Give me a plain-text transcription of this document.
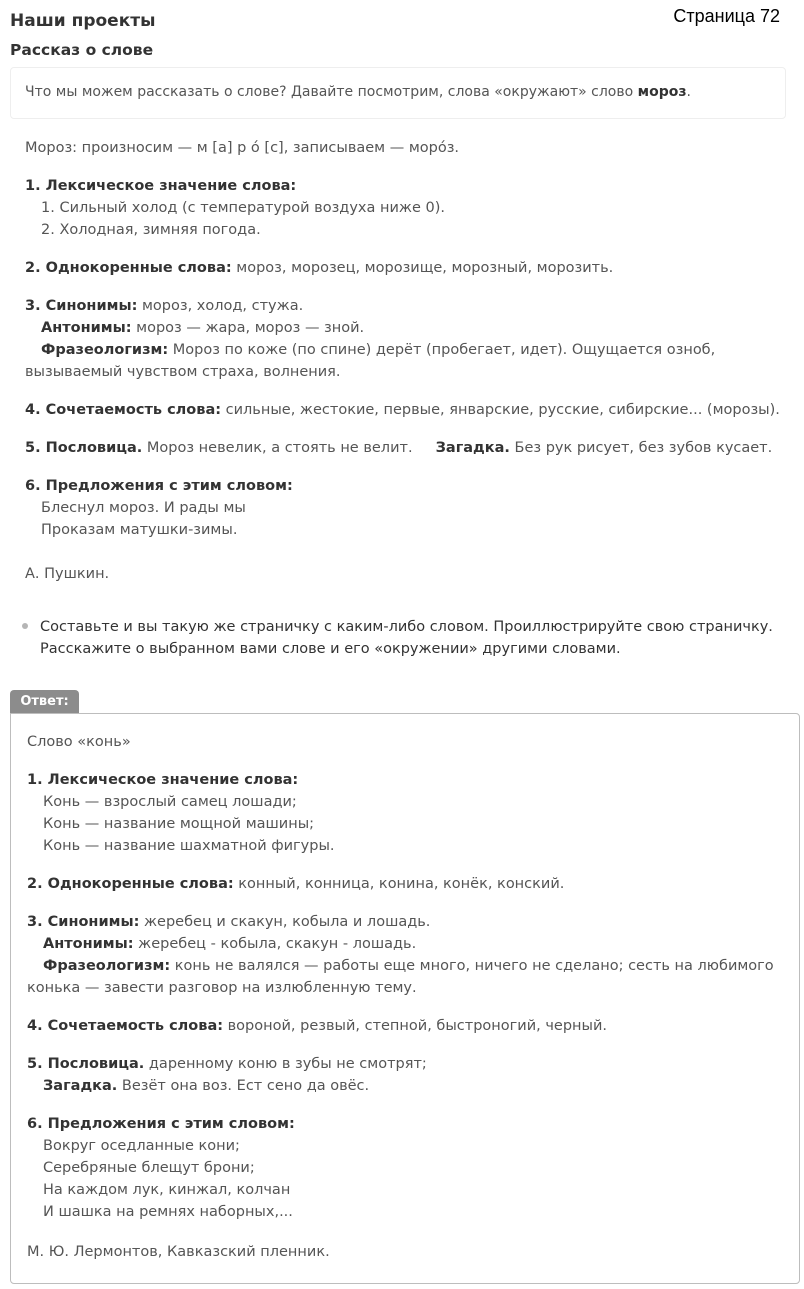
Страница 72
Наши проекты
Рассказ о слове
Что мы можем рассказать о слове? Давайте посмотрим, слова «окружают» слово мороз.

Мороз: произносим — м [а] р о́ [с], записываем — моро́з.

1. Лексическое значение слова:

1. Сильный холод (с температурой воздуха ниже 0).

2. Холодная, зимняя погода.

2. Однокоренные слова: мороз, морозец, морозище, морозный, морозить.

3. Синонимы: мороз, холод, стужа.

Антонимы: мороз — жара, мороз — зной.

Фразеологизм: Мороз по коже (по спине) дерёт (пробегает, идет). Ощущается озноб,

вызываемый чувством страха, волнения.

4. Сочетаемость слова: сильные, жестокие, первые, январские, русские, сибирские... (морозы).

5. Пословица. Мороз невелик, а стоять не велит. Загадка. Без рук рисует, без зубов кусает.

6. Предложения с этим словом:

Блеснул мороз. И рады мы

Проказам матушки-зимы.

А. Пушкин.

Составьте и вы такую же страничку с каким-либо словом. Проиллюстрируйте свою страничку.

Расскажите о выбранном вами слове и его «окружении» другими словами.

Ответ:

Слово «конь»

1. Лексическое значение слова:

Конь — взрослый самец лошади;

Конь — название мощной машины;

Конь — название шахматной фигуры.

2. Однокоренные слова: конный, конница, конина, конёк, конский.

3. Синонимы: жеребец и скакун, кобыла и лошадь.

Антонимы: жеребец - кобыла, скакун - лошадь.

Фразеологизм: конь не валялся — работы еще много, ничего не сделано; сесть на любимого

конька — завести разговор на излюбленную тему.

4. Сочетаемость слова: вороной, резвый, степной, быстроногий, черный.

5. Пословица. даренному коню в зубы не смотрят;

Загадка. Везёт она воз. Ест сено да овёс.

6. Предложения с этим словом:

Вокруг оседланные кони;

Серебряные блещут брони;

На каждом лук, кинжал, колчан

И шашка на ремнях наборных,...

М. Ю. Лермонтов, Кавказский пленник.
